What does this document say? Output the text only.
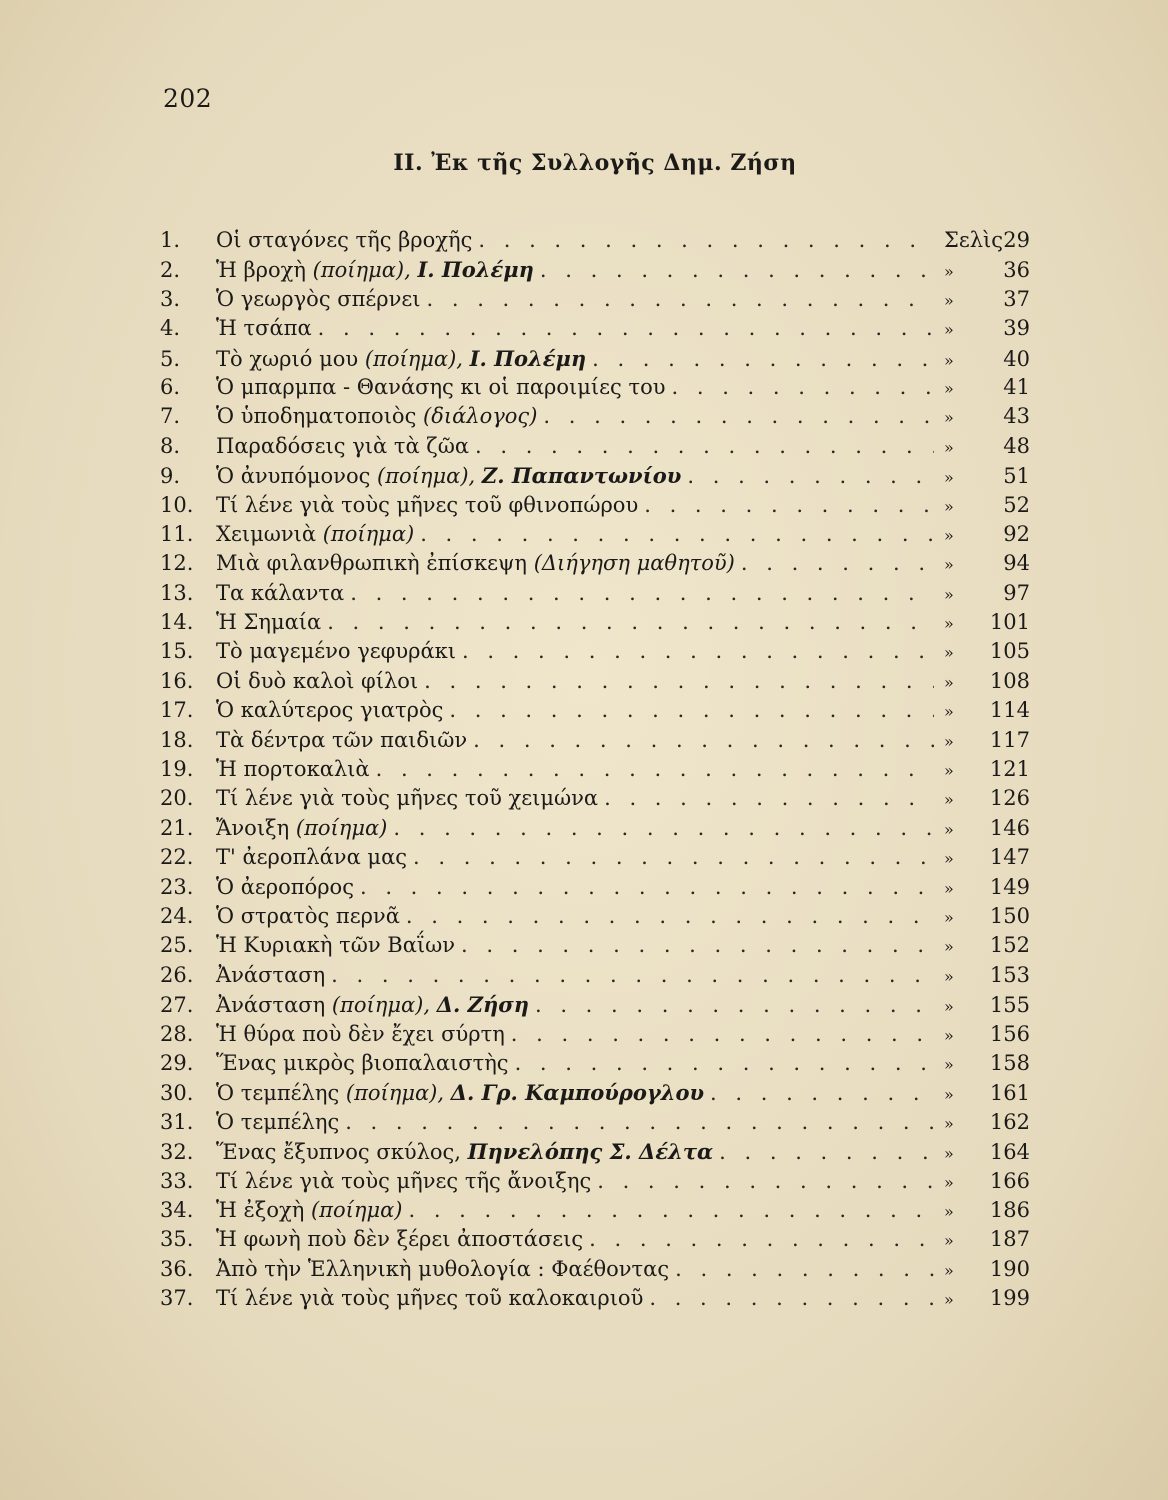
202
II. Ἐκ τῆς Συλλογῆς Δημ. Ζήση
1.	Οἱ σταγόνες τῆς βροχῆς . . .	Σελὶς 29
2.	Ἡ βροχὴ (ποίημα), Ι. Πολέμη . . .	» 36
3.	Ὁ γεωργὸς σπέρνει . . .	» 37
4.	Ἡ τσάπα . . .	» 39
5.	Τὸ χωριό μου (ποίημα), Ι. Πολέμη . . .	» 40
6.	Ὁ μπαρμπα - Θανάσης κι οἱ παροιμίες του . . .	» 41
7.	Ὁ ὑποδηματοποιὸς (διάλογος) . . .	» 43
8.	Παραδόσεις γιὰ τὰ ζῶα . . .	» 48
9.	Ὁ ἀνυπόμονος (ποίημα), Ζ. Παπαντωνίου . . .	» 51
10.	Τί λένε γιὰ τοὺς μῆνες τοῦ φθινοπώρου . . .	» 52
11.	Χειμωνιὰ (ποίημα) . . .	» 92
12.	Μιὰ φιλανθρωπικὴ ἐπίσκεψη (Διήγηση μαθητοῦ) . . .	» 94
13.	Τα κάλαντα . . .	» 97
14.	Ἡ Σημαία . . .	» 101
15.	Τὸ μαγεμένο γεφυράκι . . .	» 105
16.	Οἱ δυὸ καλοὶ φίλοι . . .	» 108
17.	Ὁ καλύτερος γιατρὸς . . .	» 114
18.	Τὰ δέντρα τῶν παιδιῶν . . .	» 117
19.	Ἡ πορτοκαλιὰ . . .	» 121
20.	Τί λένε γιὰ τοὺς μῆνες τοῦ χειμώνα . . .	» 126
21.	Ἄνοιξη (ποίημα) . . .	» 146
22.	Τ' ἀεροπλάνα μας . . .	» 147
23.	Ὁ ἀεροπόρος . . .	» 149
24.	Ὁ στρατὸς περνᾶ . . .	» 150
25.	Ἡ Κυριακὴ τῶν Βαΐων . . .	» 152
26.	Ἀνάσταση . . .	» 153
27.	Ἀνάσταση (ποίημα), Δ. Ζήση . . .	» 155
28.	Ἡ θύρα ποὺ δὲν ἔχει σύρτη . . .	» 156
29.	Ἕνας μικρὸς βιοπαλαιστὴς . . .	» 158
30.	Ὁ τεμπέλης (ποίημα), Δ. Γρ. Καμπούρογλου . . .	» 161
31.	Ὁ τεμπέλης . . .	» 162
32.	Ἕνας ἔξυπνος σκύλος, Πηνελόπης Σ. Δέλτα . . .	» 164
33.	Τί λένε γιὰ τοὺς μῆνες τῆς ἄνοιξης . . .	» 166
34.	Ἡ ἐξοχὴ (ποίημα) . . .	» 186
35.	Ἡ φωνὴ ποὺ δὲν ξέρει ἀποστάσεις . . .	» 187
36.	Ἀπὸ τὴν Ἑλληνικὴ μυθολογία : Φαέθοντας . . .	» 190
37.	Τί λένε γιὰ τοὺς μῆνες τοῦ καλοκαιριοῦ . . .	» 199
